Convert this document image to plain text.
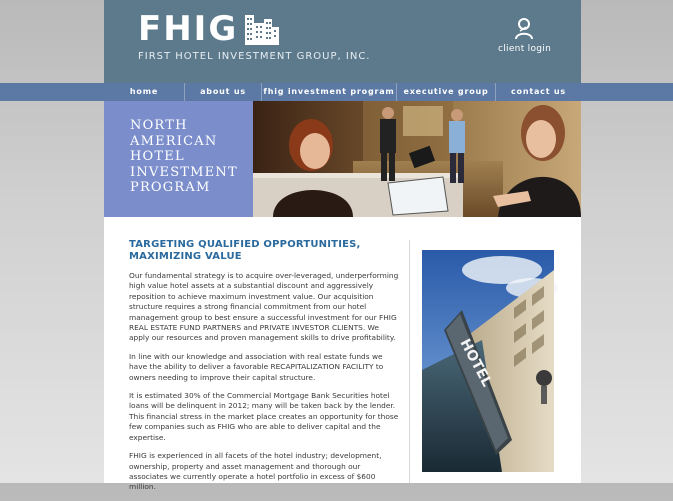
FHIG
FIRST HOTEL INVESTMENT GROUP, INC.
client login
home	about us	fhig investment program	executive group	contact us
NORTH AMERICAN HOTEL INVESTMENT PROGRAM
TARGETING QUALIFIED OPPORTUNITIES, MAXIMIZING VALUE

Our fundamental strategy is to acquire over-leveraged, underperforming high value hotel assets at a substantial discount and aggressively reposition to achieve maximum investment value. Our acquisition structure requires a strong financial commitment from our hotel management group to best ensure a successful investment for our FHIG REAL ESTATE FUND PARTNERS and PRIVATE INVESTOR CLIENTS. We apply our resources and proven management skills to drive profitability.

In line with our knowledge and association with real estate funds we have the ability to deliver a favorable RECAPITALIZATION FACILITY to owners needing to improve their capital structure.

It is estimated 30% of the Commercial Mortgage Bank Securities hotel loans will be delinquent in 2012; many will be taken back by the lender. This financial stress in the market place creates an opportunity for those few companies such as FHIG who are able to deliver capital and the expertise.

FHIG is experienced in all facets of the hotel industry; development, ownership, property and asset management and thorough our associates we currently operate a hotel portfolio in excess of $600 million.

HOTEL
